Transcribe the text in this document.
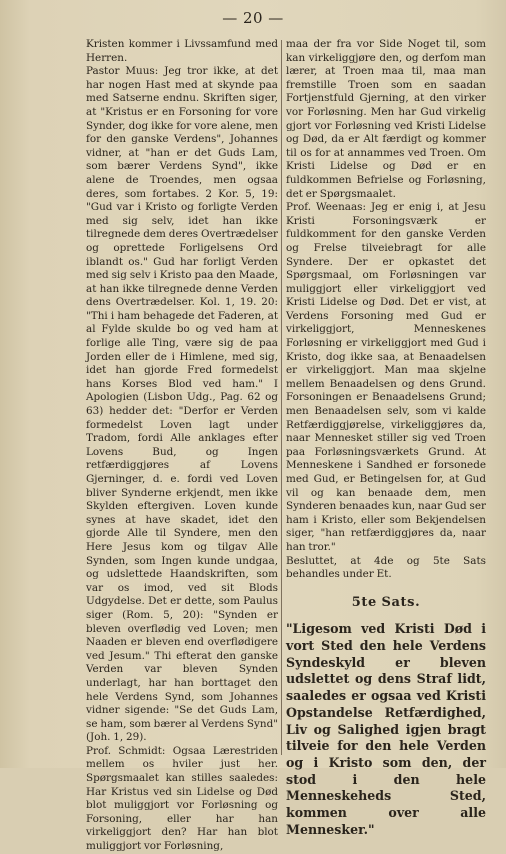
— 20 —

Kristen kommer i Livssamfund med Herren.

Pastor Muus: Jeg tror ikke, at det har nogen Hast med at skynde paa med Satserne endnu. Skriften siger, at "Kristus er en Forsoning for vore Synder, dog ikke for vore alene, men for den ganske Verdens", Johannes vidner, at "han er det Guds Lam, som bærer Verdens Synd", ikke alene de Troendes, men ogsaa deres, som fortabes. 2 Kor. 5, 19: "Gud var i Kristo og forligte Verden med sig selv, idet han ikke tilregnede dem deres Overtrædelser og oprettede Forligelsens Ord iblandt os." Gud har forligt Verden med sig selv i Kristo paa den Maade, at han ikke tilregnede denne Verden dens Overtrædelser. Kol. 1, 19. 20: "Thi i ham behagede det Faderen, at al Fylde skulde bo og ved ham at forlige alle Ting, være sig de paa Jorden eller de i Himlene, med sig, idet han gjorde Fred formedelst hans Korses Blod ved ham." I Apologien (Lisbon Udg., Pag. 62 og 63) hedder det: "Derfor er Verden formedelst Loven lagt under Tradom, fordi Alle anklages efter Lovens Bud, og Ingen retfærdiggjøres af Lovens Gjerninger, d. e. fordi ved Loven bliver Synderne erkjendt, men ikke Skylden eftergiven. Loven kunde synes at have skadet, idet den gjorde Alle til Syndere, men den Here Jesus kom og tilgav Alle Synden, som Ingen kunde undgaa, og udslettede Haandskriften, som var os imod, ved sit Blods Udgydelse. Det er dette, som Paulus siger (Rom. 5, 20): "Synden er bleven overflødig ved Loven; men Naaden er bleven end overflødigere ved Jesum." Thi efterat den ganske Verden var bleven Synden underlagt, har han borttaget den hele Verdens Synd, som Johannes vidner sigende: "Se det Guds Lam, se ham, som bærer al Verdens Synd" (Joh. 1, 29).

Prof. Schmidt: Ogsaa Lærestriden mellem os hviler just her. Spørgsmaalet kan stilles saaledes: Har Kristus ved sin Lidelse og Død blot muliggjort vor Forløsning og Forsoning, eller har han virkeliggjort den? Har han blot muliggjort vor Forløsning,

maa der fra vor Side Noget til, som kan virkeliggjøre den, og derfom man lærer, at Troen maa til, maa man fremstille Troen som en saadan Fortjenstfuld Gjerning, at den virker vor Forløsning. Men har Gud virkelig gjort vor Forløsning ved Kristi Lidelse og Død, da er Alt færdigt og kommer til os for at annammes ved Troen. Om Kristi Lidelse og Død er en fuldkommen Befrielse og Forløsning, det er Spørgsmaalet.

Prof. Weenaas: Jeg er enig i, at Jesu Kristi Forsoningsværk er fuldkomment for den ganske Verden og Frelse tilveiebragt for alle Syndere. Der er opkastet det Spørgsmaal, om Forløsningen var muliggjort eller virkeliggjort ved Kristi Lidelse og Død. Det er vist, at Verdens Forsoning med Gud er virkeliggjort, Menneskenes Forløsning er virkeliggjort med Gud i Kristo, dog ikke saa, at Benaadelsen er virkeliggjort. Man maa skjelne mellem Benaadelsen og dens Grund. Forsoningen er Benaadelsens Grund; men Benaadelsen selv, som vi kalde Retfærdiggjørelse, virkeliggjøres da, naar Mennesket stiller sig ved Troen paa Forløsningsværkets Grund. At Menneskene i Sandhed er forsonede med Gud, er Betingelsen for, at Gud vil og kan benaade dem, men Synderen benaades kun, naar Gud ser ham i Kristo, eller som Bekjendelsen siger, "han retfærdiggjøres da, naar han tror."

Besluttet, at 4de og 5te Sats behandles under Et.

5te Sats.

"Ligesom ved Kristi Død i vort Sted den hele Verdens Syndeskyld er bleven udslettet og dens Straf lidt, saaledes er ogsaa ved Kristi Opstandelse Retfærdighed, Liv og Salighed igjen bragt tilveie for den hele Verden og i Kristo som den, der stod i den hele Menneskeheds Sted, kommen over alle Mennesker."
